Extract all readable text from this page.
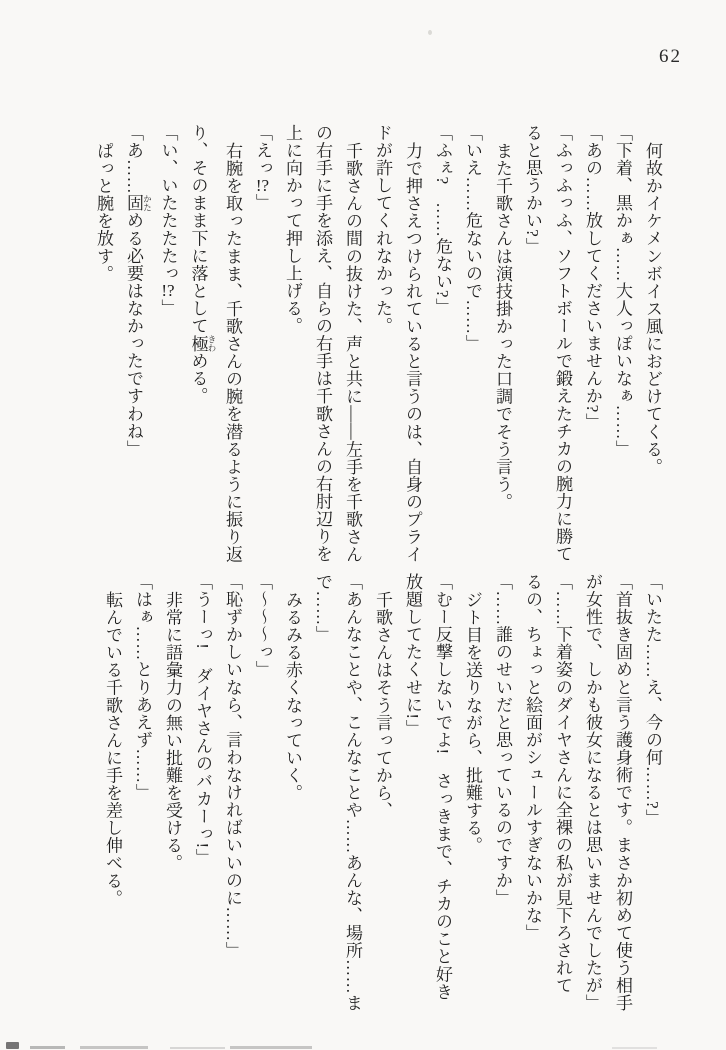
62
何故かイケメンボイス風におどけてくる。
「下着、黒かぁ……大人っぽいなぁ……」
「あの……放してくださいませんか?」
「ふっふっふ、ソフトボールで鍛えたチカの腕力に勝て
ると思うかい?」
また千歌さんは演技掛かった口調でそう言う。
「いえ……危ないので……」
「ふぇ?　……危ない?」
力で押さえつけられていると言うのは、自身のプライ
ドが許してくれなかった。
千歌さんの間の抜けた、声と共に——左手を千歌さん
の右手に手を添え、自らの右手は千歌さんの右肘辺りを
上に向かって押し上げる。
「えっ!?」
右腕を取ったまま、千歌さんの腕を潜るように振り返
り、そのまま下に落として極 きわめる。
「い、いたたたたっ!?」
「あ……固 かためる必要はなかったですわね」
ぱっと腕を放す。
「いたた……え、今の何……?」
「首抜き固めと言う護身術です。まさか初めて使う相手
が女性で、しかも彼女になるとは思いませんでしたが」
「……下着姿のダイヤさんに全裸の私が見下ろされて
るの、ちょっと絵面がシュールすぎないかな」
「……誰のせいだと思っているのですか」
ジト目を送りながら、批難する。
「むー反撃しないでよ!　さっきまで、チカのこと好き
放題してたくせに!」
千歌さんはそう言ってから、
「あんなことや、こんなことや……あんな、場所……ま
で……」
みるみる赤くなっていく。
「〜〜〜っ」
「恥ずかしいなら、言わなければいいのに……」
「うーっ!　ダイヤさんのバカーっ!」
非常に語彙力の無い批難を受ける。
「はぁ……とりあえず……」
転んでいる千歌さんに手を差し伸べる。
